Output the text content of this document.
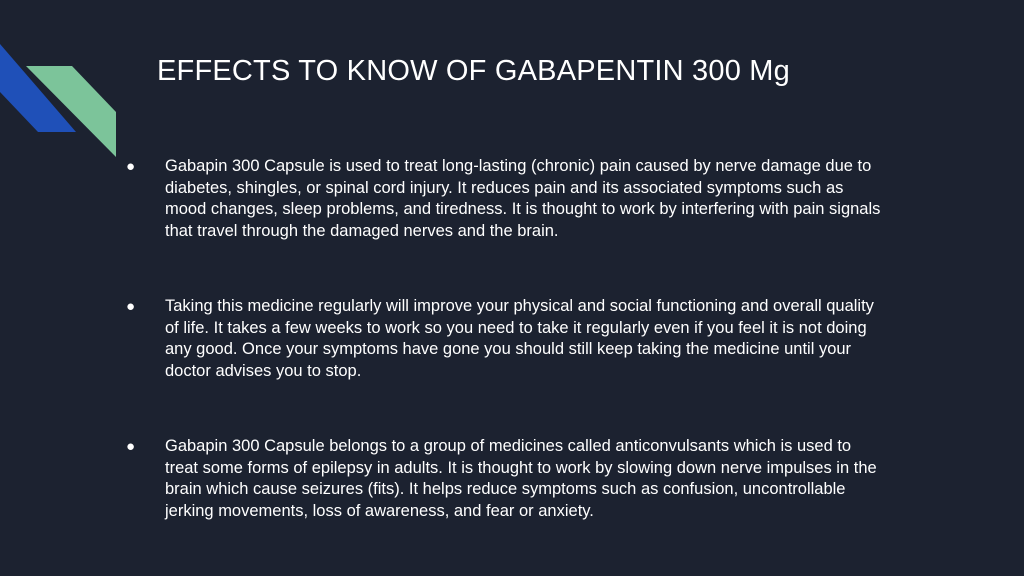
EFFECTS TO KNOW OF GABAPENTIN 300 Mg
●	Gabapin 300 Capsule is used to treat long-lasting (chronic) pain caused by nerve damage due to diabetes, shingles, or spinal cord injury. It reduces pain and its associated symptoms such as mood changes, sleep problems, and tiredness. It is thought to work by interfering with pain signals that travel through the damaged nerves and the brain.
●	Taking this medicine regularly will improve your physical and social functioning and overall quality of life. It takes a few weeks to work so you need to take it regularly even if you feel it is not doing any good. Once your symptoms have gone you should still keep taking the medicine until your doctor advises you to stop.
●	Gabapin 300 Capsule belongs to a group of medicines called anticonvulsants which is used to treat some forms of epilepsy in adults. It is thought to work by slowing down nerve impulses in the brain which cause seizures (fits). It helps reduce symptoms such as confusion, uncontrollable jerking movements, loss of awareness, and fear or anxiety.
